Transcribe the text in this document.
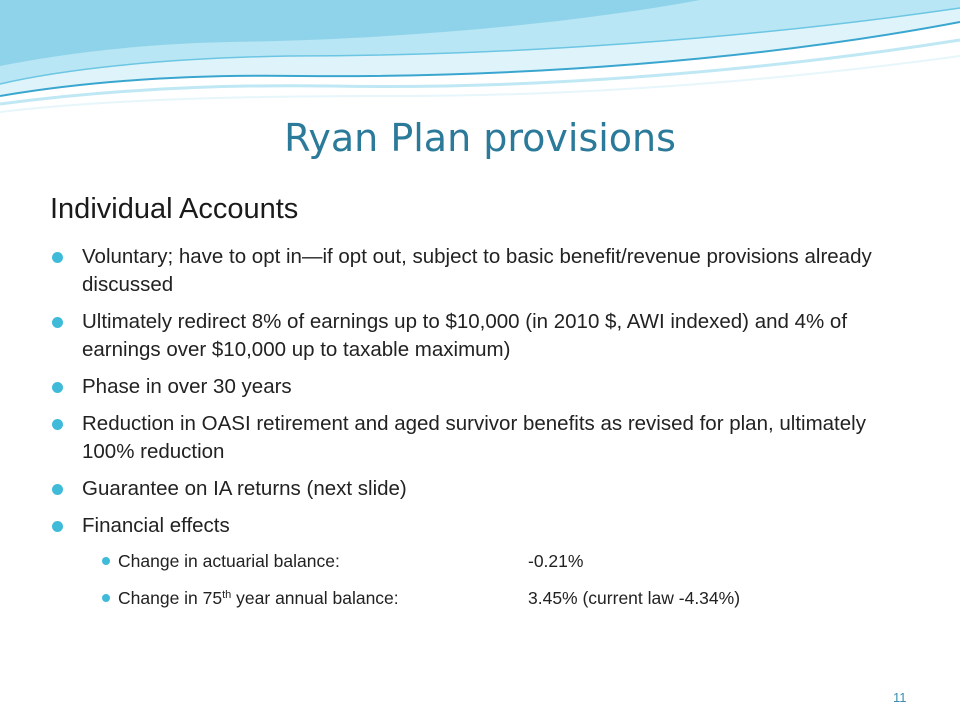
Ryan Plan provisions
Individual Accounts
Voluntary; have to opt in—if opt out, subject to basic benefit/revenue provisions already discussed
Ultimately redirect 8% of earnings up to $10,000 (in 2010 $, AWI indexed) and 4% of earnings over $10,000 up to taxable maximum)
Phase in over 30 years
Reduction in OASI retirement and aged survivor benefits as revised for plan, ultimately 100% reduction
Guarantee on IA returns (next slide)
Financial effects
Change in actuarial balance:	-0.21%
Change in 75th year annual balance:	3.45% (current law -4.34%)
11
